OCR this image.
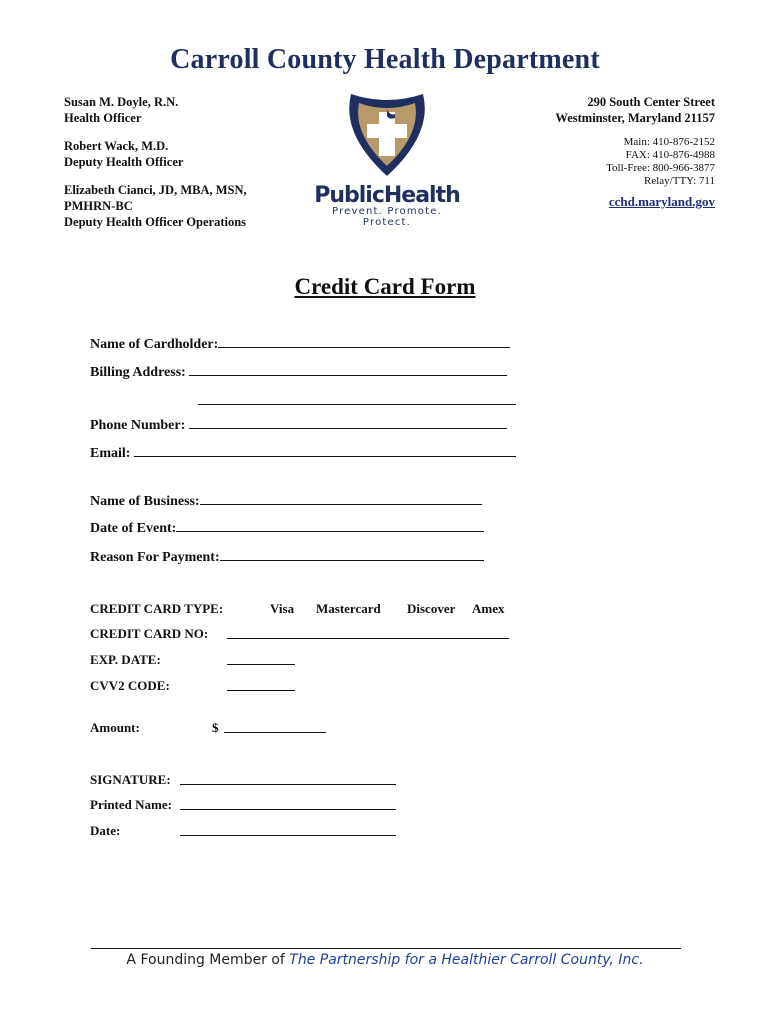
Carroll County Health Department
Susan M. Doyle, R.N.
Health Officer
Robert Wack, M.D.
Deputy Health Officer
Elizabeth Cianci, JD, MBA, MSN,
PMHRN-BC
Deputy Health Officer Operations
PublicHealth
Prevent. Promote. Protect.
290 South Center Street
Westminster, Maryland 21157
Main: 410-876-2152
FAX: 410-876-4988
Toll-Free: 800-966-3877
Relay/TTY: 711
cchd.maryland.gov
Credit Card Form
Name of Cardholder:
Billing Address:
Phone Number:
Email:
Name of Business:
Date of Event:
Reason For Payment:
CREDIT CARD TYPE:	Visa Mastercard Discover Amex
CREDIT CARD NO:
EXP. DATE:
CVV2 CODE:
Amount:	$
SIGNATURE:
Printed Name:
Date:
A Founding Member of The Partnership for a Healthier Carroll County, Inc.
